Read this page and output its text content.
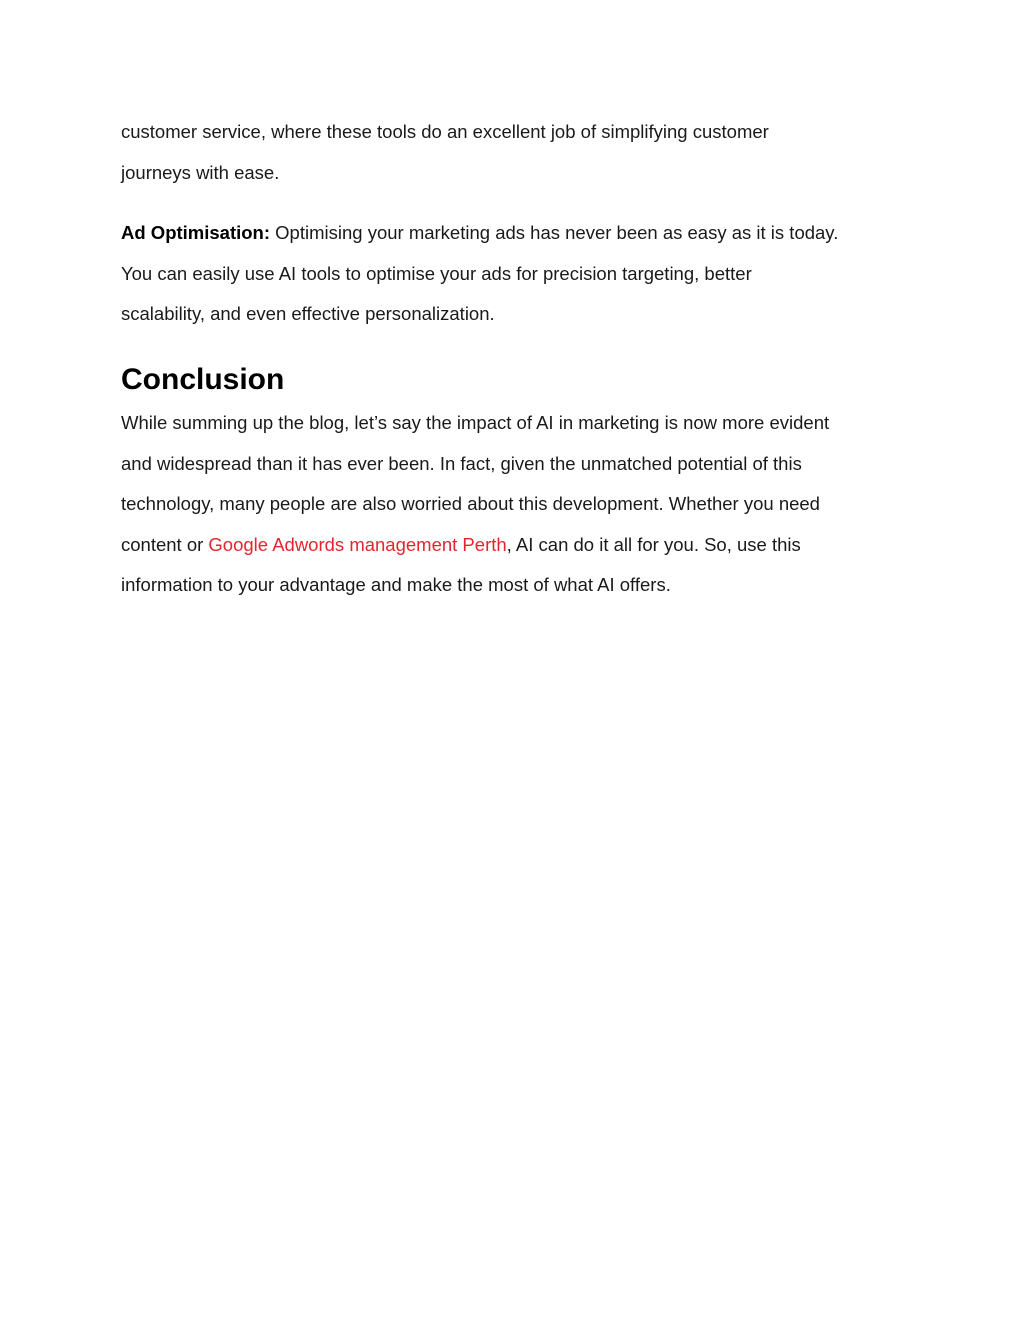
customer service, where these tools do an excellent job of simplifying customer
journeys with ease.

Ad Optimisation: Optimising your marketing ads has never been as easy as it is today.
You can easily use AI tools to optimise your ads for precision targeting, better
scalability, and even effective personalization.

Conclusion

While summing up the blog, let’s say the impact of AI in marketing is now more evident
and widespread than it has ever been. In fact, given the unmatched potential of this
technology, many people are also worried about this development. Whether you need
content or Google Adwords management Perth, AI can do it all for you. So, use this
information to your advantage and make the most of what AI offers.
